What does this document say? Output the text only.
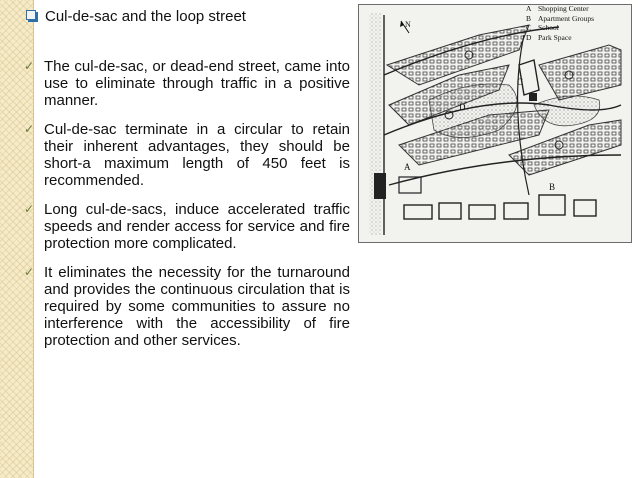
Cul-de-sac and the loop street
✓ The cul-de-sac, or dead-end street, came into use to eliminate through traffic in a positive manner.
✓ Cul-de-sac terminate in a circular to retain their inherent advantages, they should be short-a maximum length of 450 feet is recommended.
✓ Long cul-de-sacs, induce accelerated traffic speeds and render access for service and fire protection more complicated.
✓ It eliminates the necessity for the turnaround and provides the continuous circulation that is required by some communities to assure no interference with the accessibility of fire protection and other services.
A
B
C
D
N
A Shopping Center
B Apartment Groups
C School
D Park Space
